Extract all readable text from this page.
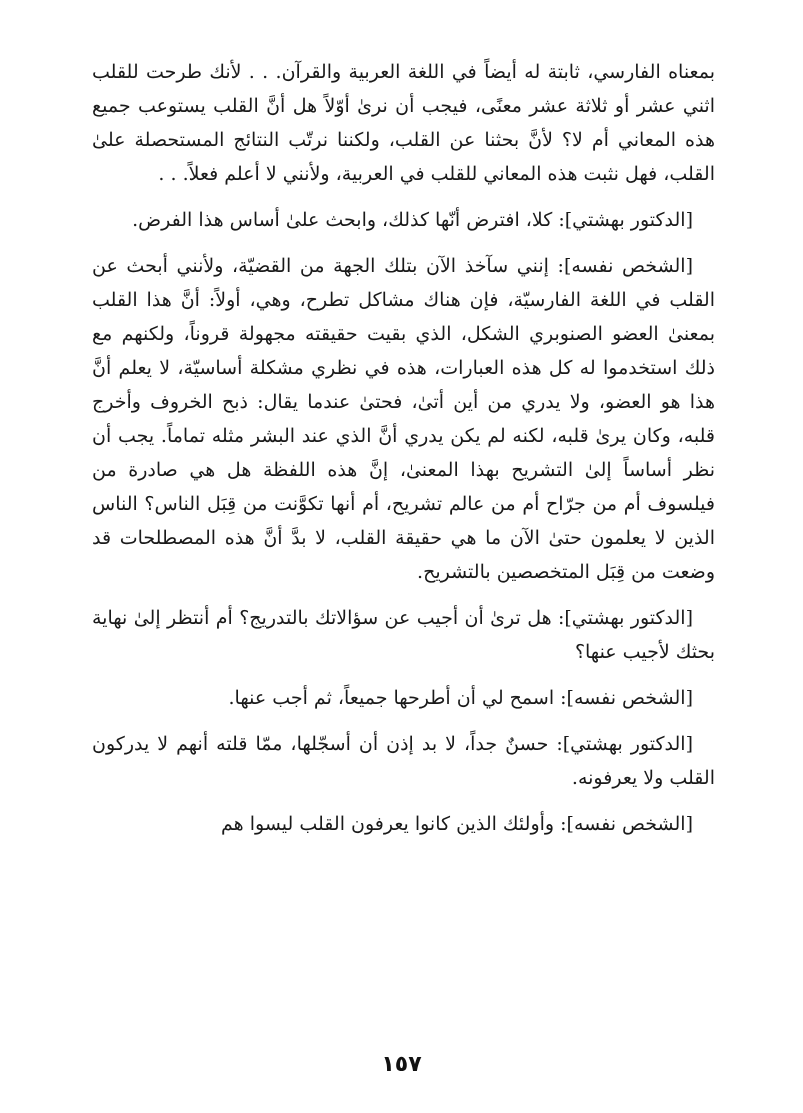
بمعناه الفارسي، ثابتة له أيضاً في اللغة العربية والقرآن. . . لأنك طرحت للقلب اثني عشر أو ثلاثة عشر معنًى، فيجب أن نرىٰ أوّلاً هل أنَّ القلب يستوعب جميع هذه المعاني أم لا؟ لأنَّ بحثنا عن القلب، ولكننا نرتّب النتائج المستحصلة علىٰ القلب، فهل نثبت هذه المعاني للقلب في العربية، ولأنني لا أعلم فعلاً. . .

[الدكتور بهشتي]: كلا، افترض أنّها كذلك، وابحث علىٰ أساس هذا الفرض.

[الشخص نفسه]: إنني سآخذ الآن بتلك الجهة من القضيّة، ولأنني أبحث عن القلب في اللغة الفارسيّة، فإن هناك مشاكل تطرح، وهي، أولاً: أنَّ هذا القلب بمعنىٰ العضو الصنوبري الشكل، الذي بقيت حقيقته مجهولة قروناً، ولكنهم مع ذلك استخدموا له كل هذه العبارات، هذه في نظري مشكلة أساسيّة، لا يعلم أنَّ هذا هو العضو، ولا يدري من أين أتىٰ، فحتىٰ عندما يقال: ذبح الخروف وأخرج قلبه، وكان يرىٰ قلبه، لكنه لم يكن يدري أنَّ الذي عند البشر مثله تماماً. يجب أن نظر أساساً إلىٰ التشريح بهذا المعنىٰ، إنَّ هذه اللفظة هل هي صادرة من فيلسوف أم من جرّاح أم من عالم تشريح، أم أنها تكوَّنت من قِبَل الناس؟ الناس الذين لا يعلمون حتىٰ الآن ما هي حقيقة القلب، لا بدَّ أنَّ هذه المصطلحات قد وضعت من قِبَل المتخصصين بالتشريح.

[الدكتور بهشتي]: هل ترىٰ أن أجيب عن سؤالاتك بالتدريج؟ أم أنتظر إلىٰ نهاية بحثك لأجيب عنها؟

[الشخص نفسه]: اسمح لي أن أطرحها جميعاً، ثم أجب عنها.

[الدكتور بهشتي]: حسنٌ جداً، لا بد إذن أن أسجّلها، ممّا قلته أنهم لا يدركون القلب ولا يعرفونه.

[الشخص نفسه]: وأولئك الذين كانوا يعرفون القلب ليسوا هم

١٥٧
